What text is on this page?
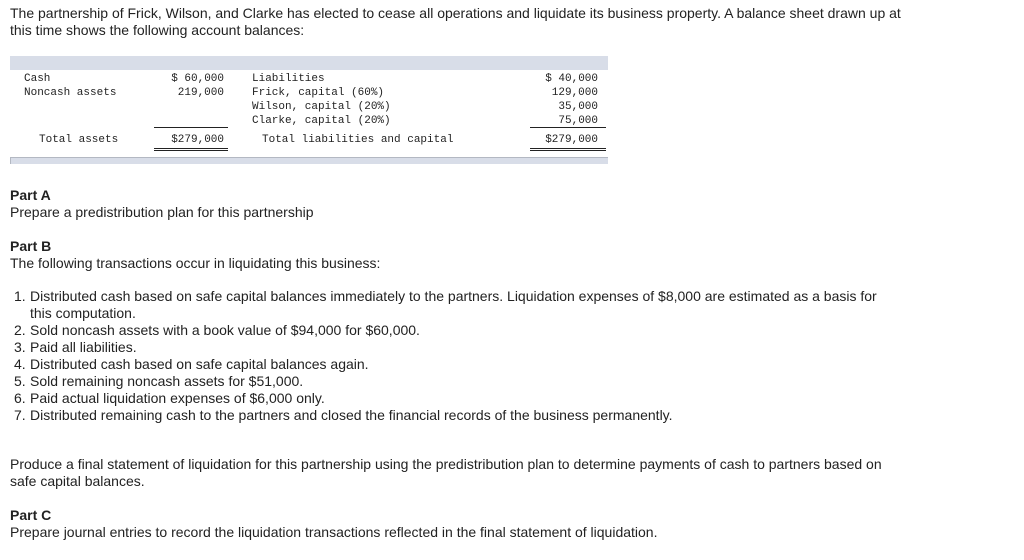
The partnership of Frick, Wilson, and Clarke has elected to cease all operations and liquidate its business property. A balance sheet drawn up at this time shows the following account balances:
Cash
Noncash assets
$ 60,000
219,000
Total assets	$279,000
Liabilities
Frick, capital (60%)
Wilson, capital (20%)
Clarke, capital (20%)
$ 40,000
129,000
35,000
75,000
Total liabilities and capital	$279,000
Part A
Prepare a predistribution plan for this partnership
Part B
The following transactions occur in liquidating this business:
1. Distributed cash based on safe capital balances immediately to the partners. Liquidation expenses of $8,000 are estimated as a basis for this computation.
2. Sold noncash assets with a book value of $94,000 for $60,000.
3. Paid all liabilities.
4. Distributed cash based on safe capital balances again.
5. Sold remaining noncash assets for $51,000.
6. Paid actual liquidation expenses of $6,000 only.
7. Distributed remaining cash to the partners and closed the financial records of the business permanently.
Produce a final statement of liquidation for this partnership using the predistribution plan to determine payments of cash to partners based on safe capital balances.
Part C
Prepare journal entries to record the liquidation transactions reflected in the final statement of liquidation.
